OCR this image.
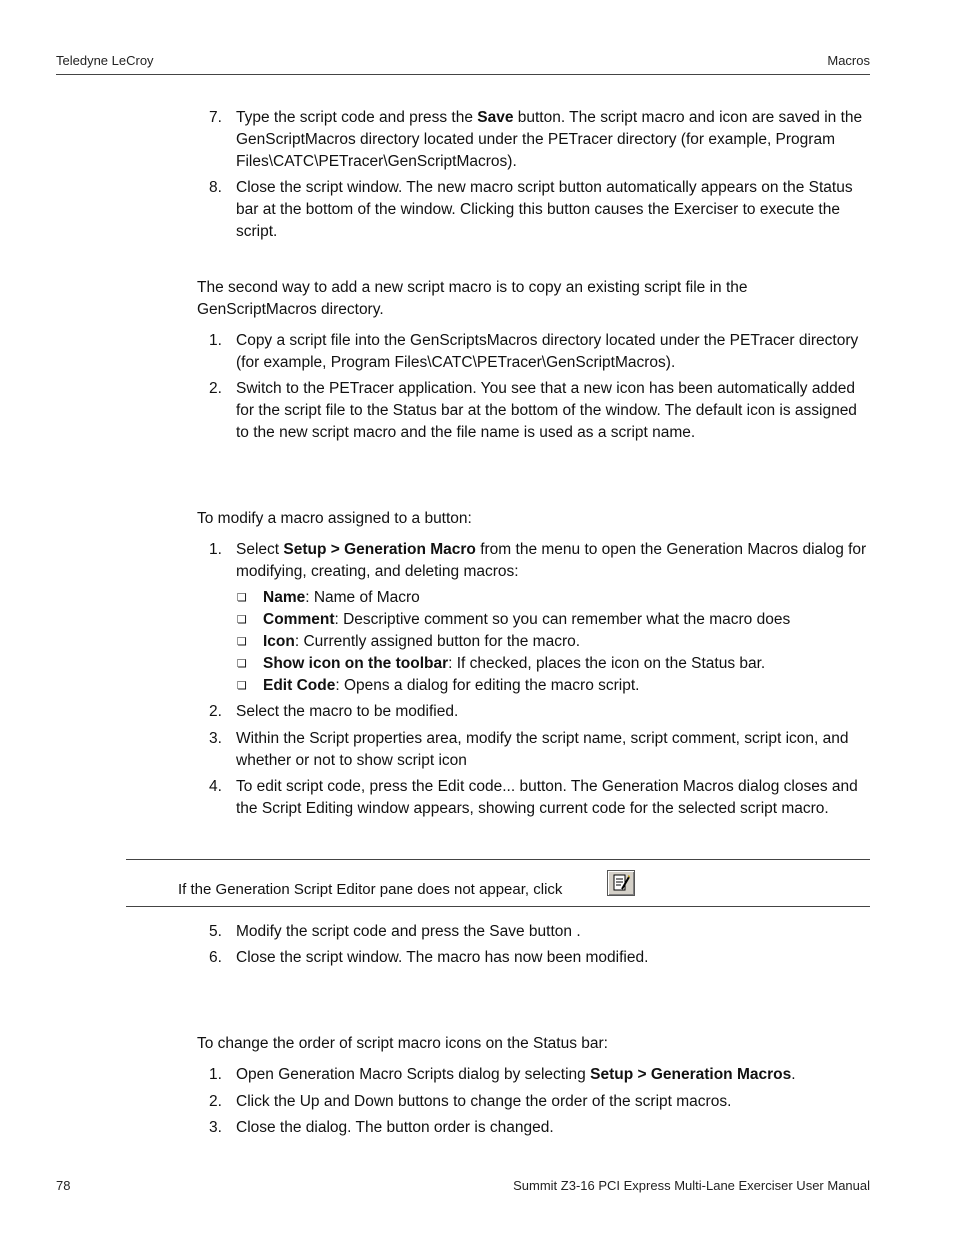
Teledyne LeCroy	Macros
7. Type the script code and press the Save button. The script macro and icon are saved in the GenScriptMacros directory located under the PETracer directory (for example, Program Files\CATC\PETracer\GenScriptMacros).
8. Close the script window. The new macro script button automatically appears on the Status bar at the bottom of the window. Clicking this button causes the Exerciser to execute the script.
The second way to add a new script macro is to copy an existing script file in the GenScriptMacros directory.
1. Copy a script file into the GenScriptsMacros directory located under the PETracer directory (for example, Program Files\CATC\PETracer\GenScriptMacros).
2. Switch to the PETracer application. You see that a new icon has been automatically added for the script file to the Status bar at the bottom of the window. The default icon is assigned to the new script macro and the file name is used as a script name.
To modify a macro assigned to a button:
1. Select Setup > Generation Macro from the menu to open the Generation Macros dialog for modifying, creating, and deleting macros:
❏	Name: Name of Macro
❏	Comment: Descriptive comment so you can remember what the macro does
❏	Icon: Currently assigned button for the macro.
❏	Show icon on the toolbar: If checked, places the icon on the Status bar.
❏	Edit Code: Opens a dialog for editing the macro script.
2. Select the macro to be modified.
3. Within the Script properties area, modify the script name, script comment, script icon, and whether or not to show script icon
4. To edit script code, press the Edit code... button. The Generation Macros dialog closes and the Script Editing window appears, showing current code for the selected script macro.
If the Generation Script Editor pane does not appear, click
5. Modify the script code and press the Save button .
6. Close the script window. The macro has now been modified.
To change the order of script macro icons on the Status bar:
1. Open Generation Macro Scripts dialog by selecting Setup > Generation Macros.
2. Click the Up and Down buttons to change the order of the script macros.
3. Close the dialog. The button order is changed.
78	Summit Z3-16 PCI Express Multi-Lane Exerciser User Manual
